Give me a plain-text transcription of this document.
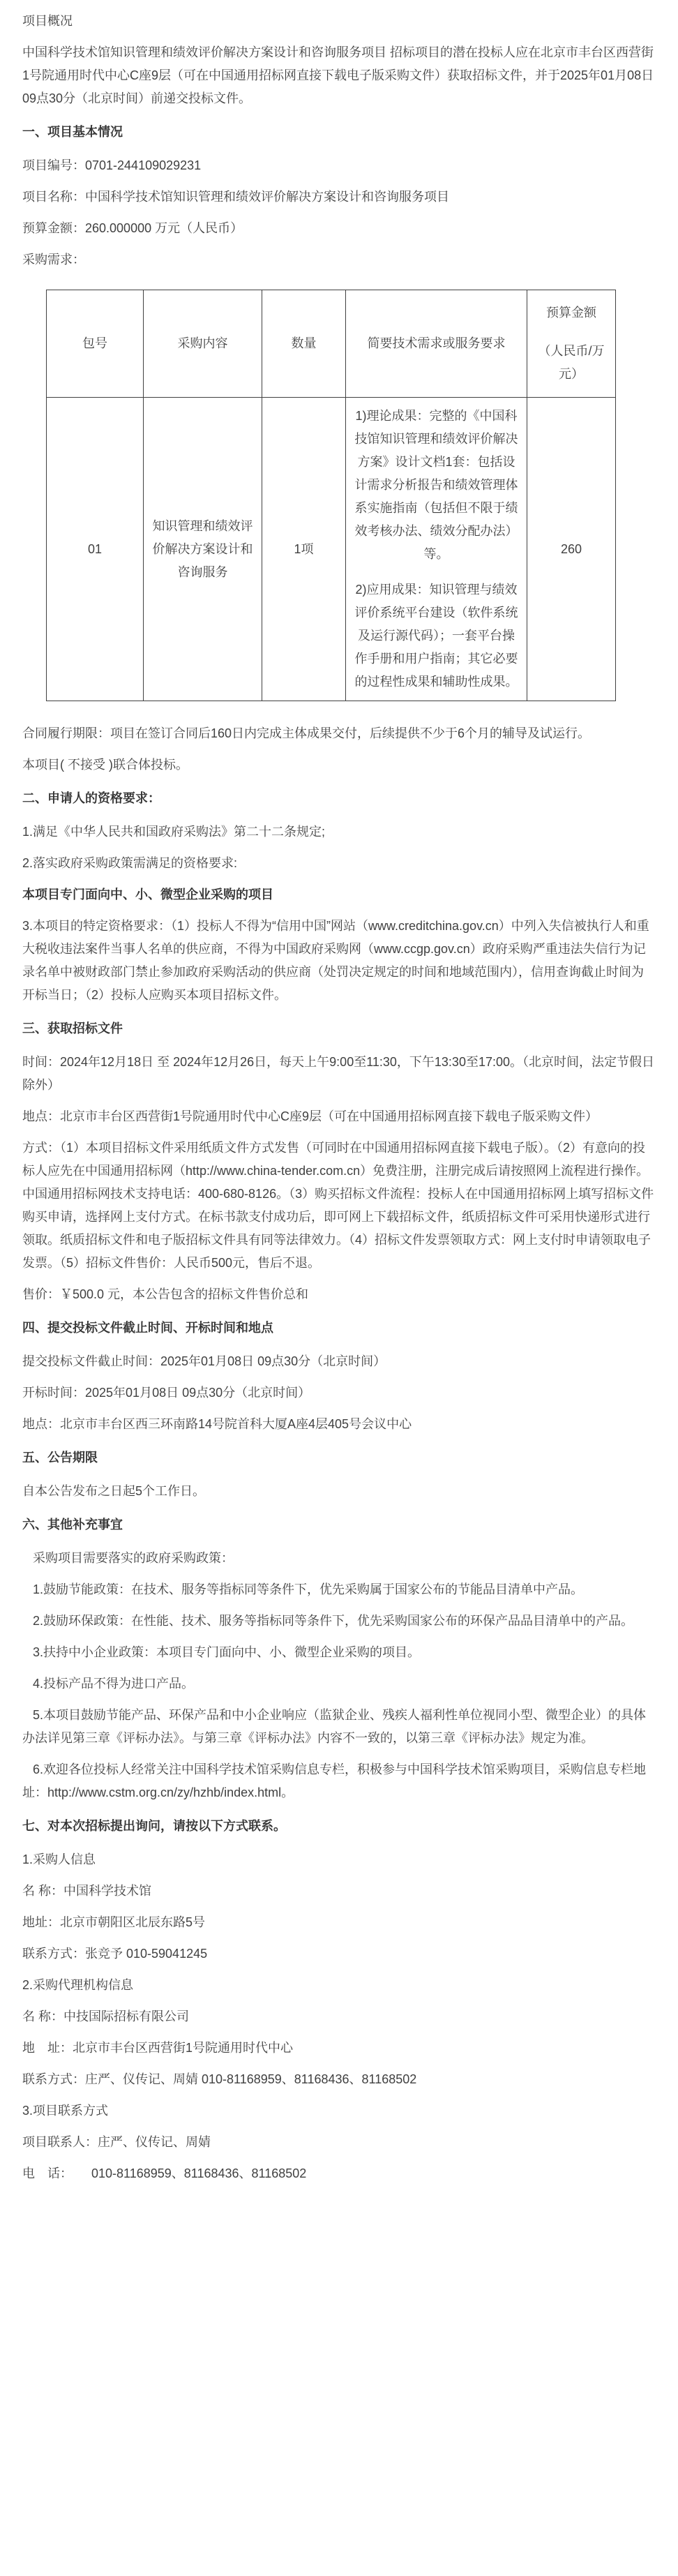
项目概况

中国科学技术馆知识管理和绩效评价解决方案设计和咨询服务项目 招标项目的潜在投标人应在北京市丰台区西营街1号院通用时代中心C座9层（可在中国通用招标网直接下载电子版采购文件）获取招标文件，并于2025年01月08日 09点30分（北京时间）前递交投标文件。

一、项目基本情况

项目编号：0701-244109029231

项目名称：中国科学技术馆知识管理和绩效评价解决方案设计和咨询服务项目

预算金额：260.000000 万元（人民币）

采购需求：

包号	采购内容	数量	简要技术需求或服务要求	预算金额
（人民币/万元）

01	知识管理和绩效评价解决方案设计和咨询服务	1项	1)理论成果：完整的《中国科技馆知识管理和绩效评价解决方案》设计文档1套：包括设计需求分析报告和绩效管理体系实施指南（包括但不限于绩效考核办法、绩效分配办法）等。

2)应用成果：知识管理与绩效评价系统平台建设（软件系统及运行源代码）；一套平台操作手册和用户指南；其它必要的过程性成果和辅助性成果。	260

合同履行期限：项目在签订合同后160日内完成主体成果交付，后续提供不少于6个月的辅导及试运行。

本项目( 不接受 )联合体投标。

二、申请人的资格要求：

1.满足《中华人民共和国政府采购法》第二十二条规定;

2.落实政府采购政策需满足的资格要求:

本项目专门面向中、小、微型企业采购的项目

3.本项目的特定资格要求：（1）投标人不得为“信用中国”网站（www.creditchina.gov.cn）中列入失信被执行人和重大税收违法案件当事人名单的供应商，不得为中国政府采购网（www.ccgp.gov.cn）政府采购严重违法失信行为记录名单中被财政部门禁止参加政府采购活动的供应商（处罚决定规定的时间和地域范围内），信用查询截止时间为开标当日；（2）投标人应购买本项目招标文件。

三、获取招标文件

时间：2024年12月18日 至 2024年12月26日，每天上午9:00至11:30，下午13:30至17:00。（北京时间，法定节假日除外）

地点：北京市丰台区西营街1号院通用时代中心C座9层（可在中国通用招标网直接下载电子版采购文件）

方式：（1）本项目招标文件采用纸质文件方式发售（可同时在中国通用招标网直接下载电子版）。（2）有意向的投标人应先在中国通用招标网（http://www.china-tender.com.cn）免费注册，注册完成后请按照网上流程进行操作。中国通用招标网技术支持电话：400-680-8126。（3）购买招标文件流程：投标人在中国通用招标网上填写招标文件购买申请，选择网上支付方式。在标书款支付成功后，即可网上下载招标文件，纸质招标文件可采用快递形式进行领取。纸质招标文件和电子版招标文件具有同等法律效力。（4）招标文件发票领取方式：网上支付时申请领取电子发票。（5）招标文件售价：人民币500元，售后不退。

售价：￥500.0 元，本公告包含的招标文件售价总和

四、提交投标文件截止时间、开标时间和地点

提交投标文件截止时间：2025年01月08日 09点30分（北京时间）

开标时间：2025年01月08日 09点30分（北京时间）

地点：北京市丰台区西三环南路14号院首科大厦A座4层405号会议中心

五、公告期限

自本公告发布之日起5个工作日。

六、其他补充事宜

采购项目需要落实的政府采购政策：

1.鼓励节能政策：在技术、服务等指标同等条件下，优先采购属于国家公布的节能品目清单中产品。

2.鼓励环保政策：在性能、技术、服务等指标同等条件下，优先采购国家公布的环保产品品目清单中的产品。

3.扶持中小企业政策：本项目专门面向中、小、微型企业采购的项目。

4.投标产品不得为进口产品。

5.本项目鼓励节能产品、环保产品和中小企业响应（监狱企业、残疾人福利性单位视同小型、微型企业）的具体办法详见第三章《评标办法》。与第三章《评标办法》内容不一致的，以第三章《评标办法》规定为准。

6.欢迎各位投标人经常关注中国科学技术馆采购信息专栏，积极参与中国科学技术馆采购项目，采购信息专栏地址：http://www.cstm.org.cn/zy/hzhb/index.html。

七、对本次招标提出询问，请按以下方式联系。

1.采购人信息

名 称：中国科学技术馆

地址：北京市朝阳区北辰东路5号

联系方式：张竞予 010-59041245

2.采购代理机构信息

名 称：中技国际招标有限公司

地　址：北京市丰台区西营街1号院通用时代中心

联系方式：庄严、仪传记、周婧 010-81168959、81168436、81168502

3.项目联系方式

项目联系人：庄严、仪传记、周婧

电　话：　　010-81168959、81168436、81168502
